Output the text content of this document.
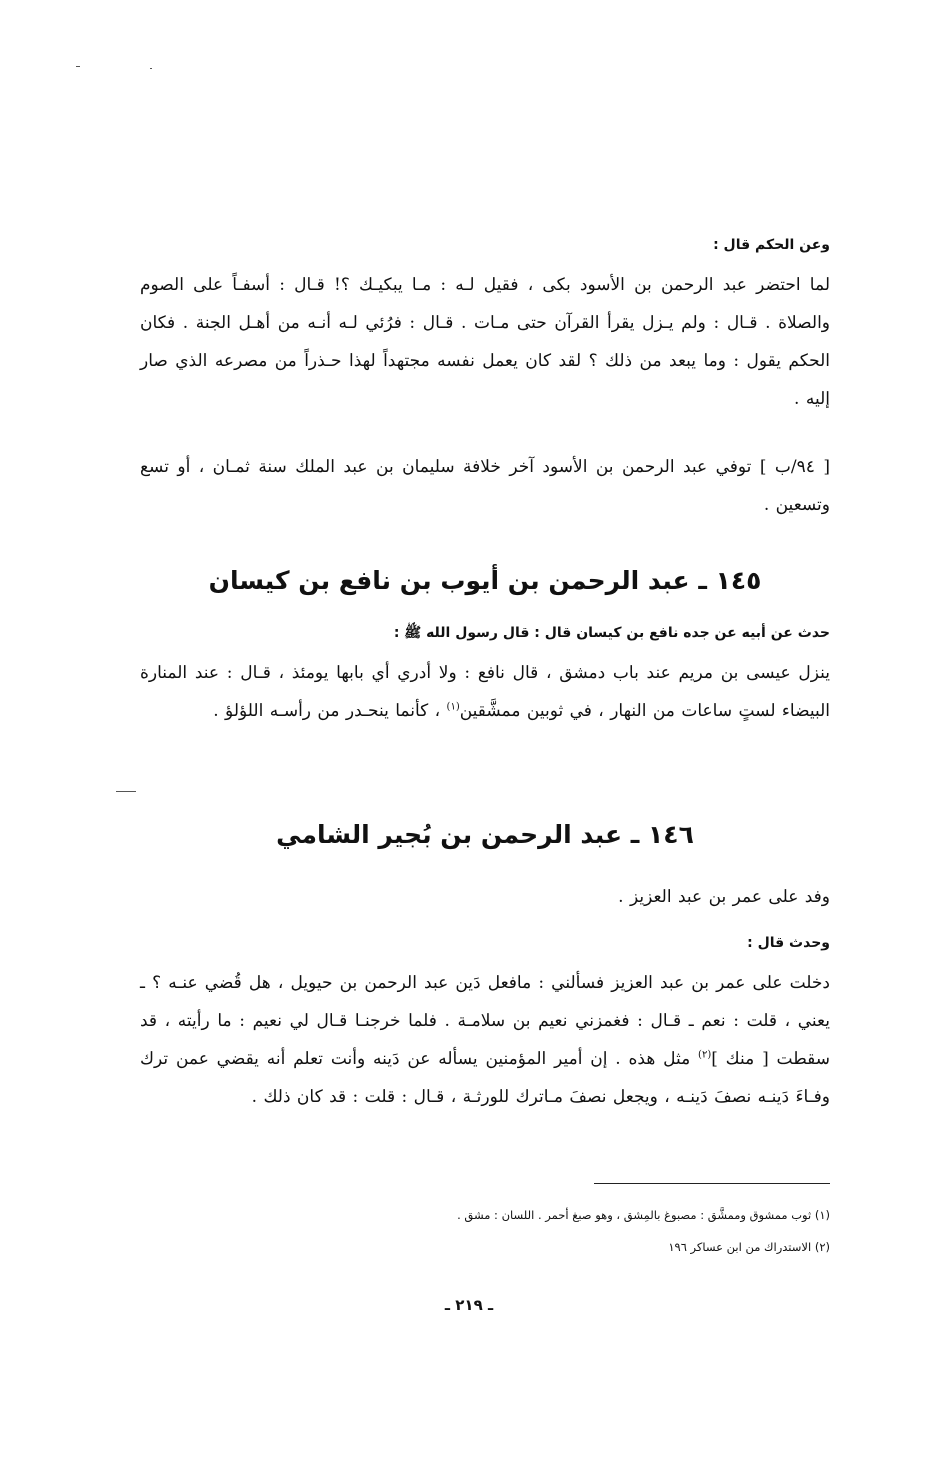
وعن الحكم قال :
لما احتضر عبد الرحمن بن الأسود بكى ، فقيل لـه : مـا يبكيـك ؟! قـال : أسفـاً على الصوم والصلاة . قـال : ولم يـزل يقرأ القرآن حتى مـات . قـال : فرُئي لـه أنـه من أهـل الجنة . فكان الحكم يقول : وما يبعد من ذلك ؟ لقد كان يعمل نفسه مجتهداً لهذا حـذراً من مصرعه الذي صار إليه .
[ ٩٤/ب ] توفي عبد الرحمن بن الأسود آخر خلافة سليمان بن عبد الملك سنة ثمـان ، أو تسع وتسعين .
١٤٥ ـ عبد الرحمن بن أيوب بن نافع بن كيسان
حدث عن أبيه عن جده نافع بن كيسان قال : قال رسول الله ﷺ :
ينزل عيسى بن مريم عند باب دمشق ، قال نافع : ولا أدري أي بابها يومئذ ، قـال : عند المنارة البيضاء لستٍ ساعات من النهار ، في ثوبين ممشَّقين$^{(١)}$ ، كأنما ينحـدر من رأسـه اللؤلؤ .
١٤٦ ـ عبد الرحمن بن بُجير الشامي
وفد على عمر بن عبد العزيز .
وحدث قال :
دخلت على عمر بن عبد العزيز فسألني : مافعل دَين عبد الرحمن بن حيويل ، هل قُضي عنـه ؟ ـ يعني ، قلت : نعم ـ قـال : فغمزني نعيم بن سلامـة . فلما خرجنـا قـال لي نعيم : ما رأيته ، قد سقطت [ منك ]$^{(٢)}$ مثل هذه . إن أمير المؤمنين يسأله عن دَينه وأنت تعلم أنه يقضي عمن ترك وفـاءَ دَينـه نصفَ دَينـه ، ويجعل نصفَ مـاترك للورثـة ، قـال : قلت : قد كان ذلك .
(١) ثوب ممشوق وممشَّق : مصبوغ بالمِشق ، وهو صبغ أحمر . اللسان : مشق .
(٢) الاستدراك من ابن عساكر ١٩٦
ـ ٢١٩ ـ
